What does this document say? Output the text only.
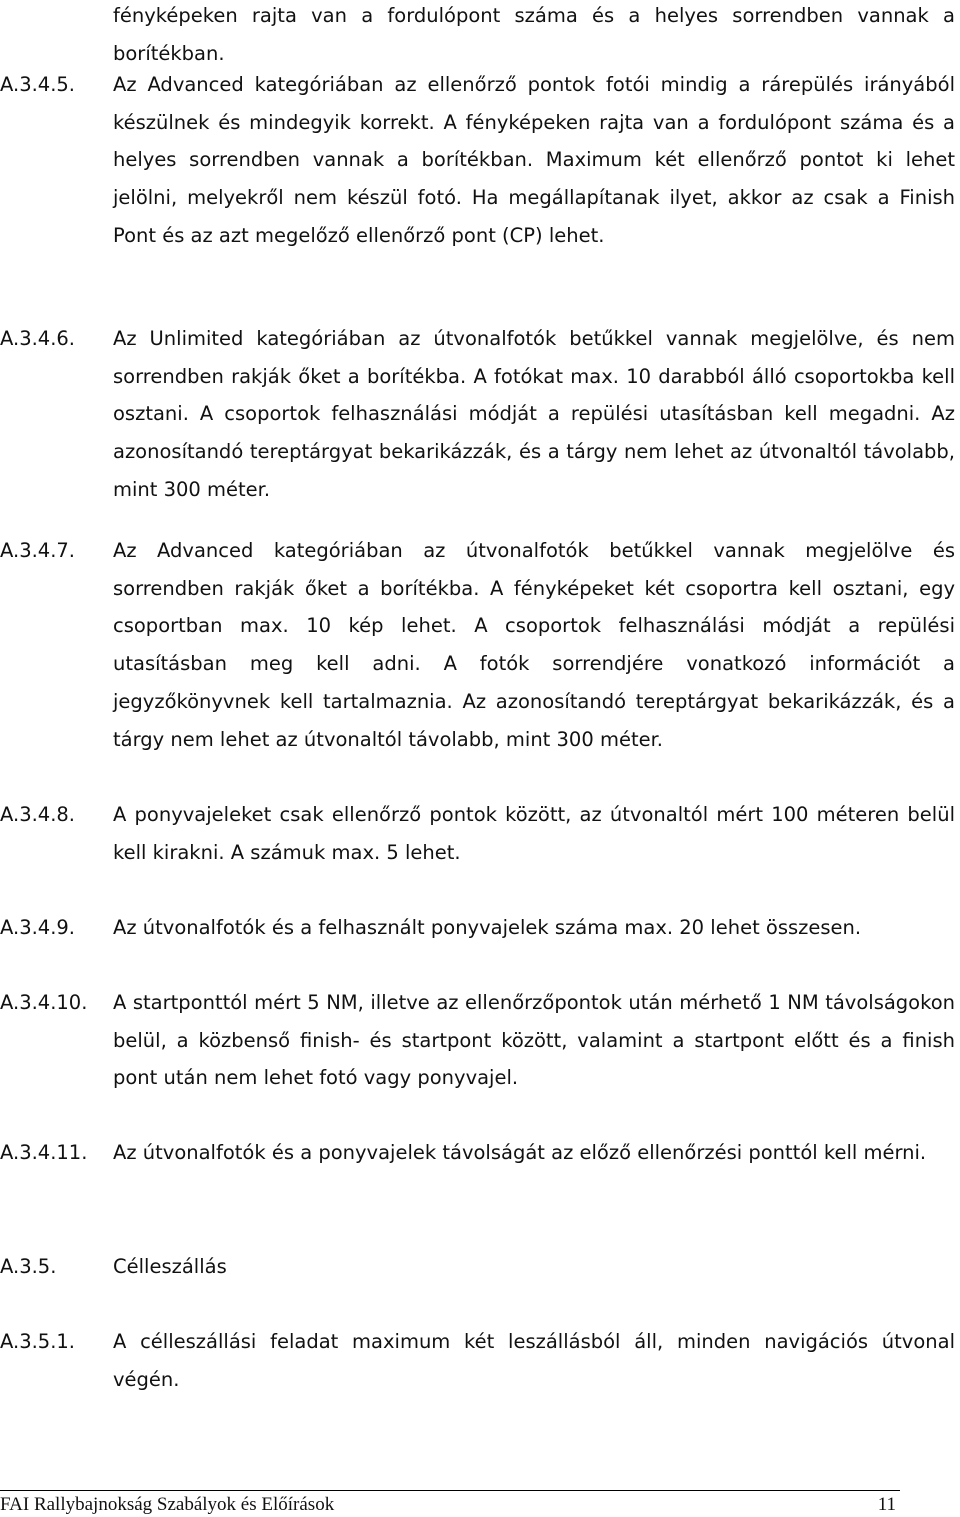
fényképeken rajta van a fordulópont száma és a helyes sorrendben vannak a borítékban.
A.3.4.5.	Az Advanced kategóriában az ellenőrző pontok fotói mindig a rárepülés irányából készülnek és mindegyik korrekt. A fényképeken rajta van a fordulópont száma és a helyes sorrendben vannak a borítékban. Maximum két ellenőrző pontot ki lehet jelölni, melyekről nem készül fotó. Ha megállapítanak ilyet, akkor az csak a Finish Pont és az azt megelőző ellenőrző pont (CP) lehet.
A.3.4.6.	Az Unlimited kategóriában az útvonalfotók betűkkel vannak megjelölve, és nem sorrendben rakják őket a borítékba. A fotókat max. 10 darabból álló csoportokba kell osztani. A csoportok felhasználási módját a repülési utasításban kell megadni. Az azonosítandó tereptárgyat bekarikázzák, és a tárgy nem lehet az útvonaltól távolabb, mint 300 méter.
A.3.4.7.	Az Advanced kategóriában az útvonalfotók betűkkel vannak megjelölve és sorrendben rakják őket a borítékba. A fényképeket két csoportra kell osztani, egy csoportban max. 10 kép lehet. A csoportok felhasználási módját a repülési utasításban meg kell adni. A fotók sorrendjére vonatkozó információt a jegyzőkönyvnek kell tartalmaznia. Az azonosítandó tereptárgyat bekarikázzák, és a tárgy nem lehet az útvonaltól távolabb, mint 300 méter.
A.3.4.8.	A ponyvajeleket csak ellenőrző pontok között, az útvonaltól mért 100 méteren belül kell kirakni. A számuk max. 5 lehet.
A.3.4.9.	Az útvonalfotók és a felhasznált ponyvajelek száma max. 20 lehet összesen.
A.3.4.10.	A startponttól mért 5 NM, illetve az ellenőrzőpontok után mérhető 1 NM távolságokon belül, a közbenső finish- és startpont között, valamint a startpont előtt és a finish pont után nem lehet fotó vagy ponyvajel.
A.3.4.11.	Az útvonalfotók és a ponyvajelek távolságát az előző ellenőrzési ponttól kell mérni.
A.3.5.	Célleszállás
A.3.5.1.	A célleszállási feladat maximum két leszállásból áll, minden navigációs útvonal végén.
FAI Rallybajnokság Szabályok és Előírások	11
